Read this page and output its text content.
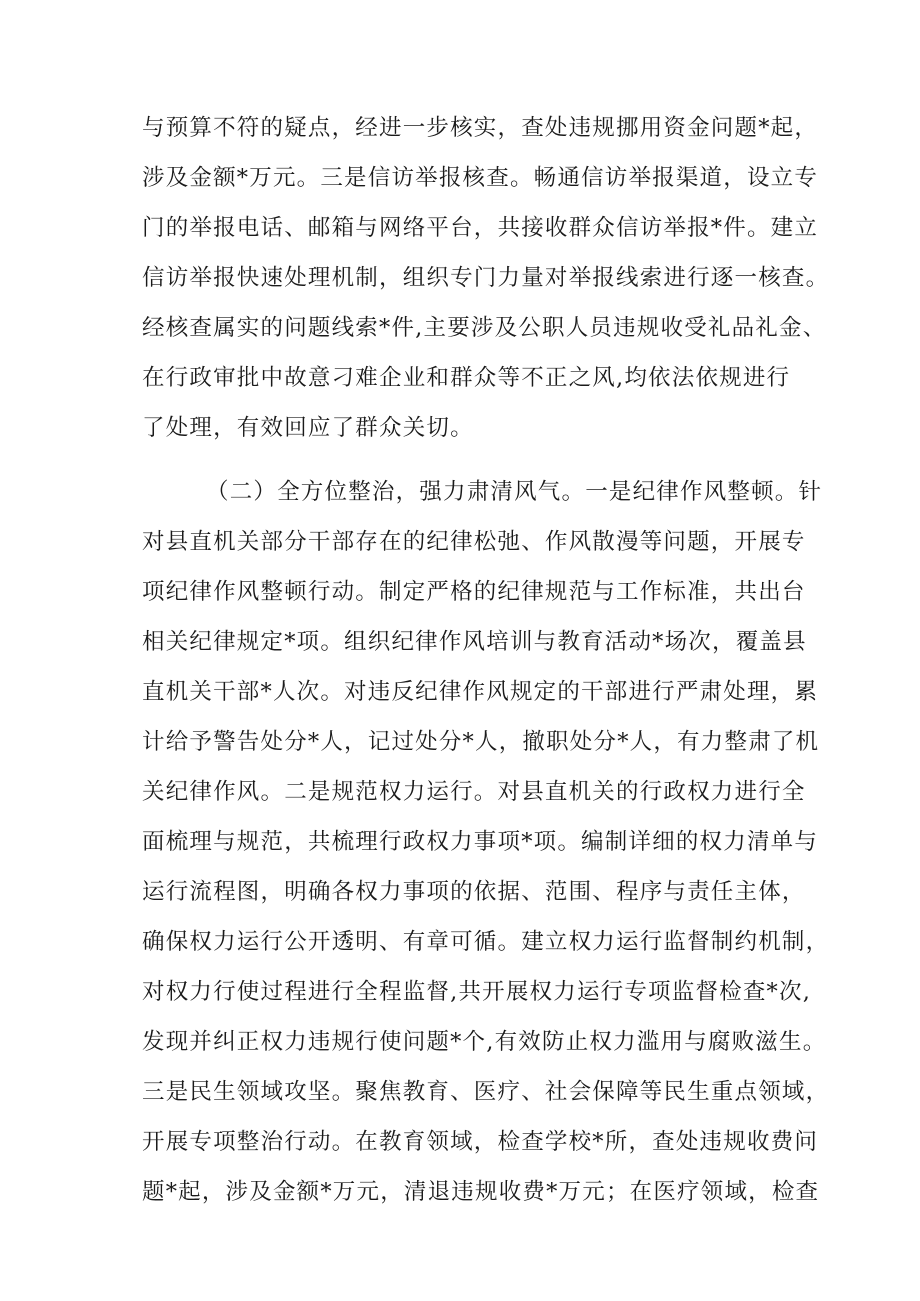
与预算不符的疑点，经进一步核实，查处违规挪用资金问题*起，
涉及金额*万元。三是信访举报核查。畅通信访举报渠道，设立专
门的举报电话、邮箱与网络平台，共接收群众信访举报*件。建立
信访举报快速处理机制，组织专门力量对举报线索进行逐一核查。
经核查属实的问题线索*件,主要涉及公职人员违规收受礼品礼金、
在行政审批中故意刁难企业和群众等不正之风,均依法依规进行
了处理，有效回应了群众关切。
（二）全方位整治，强力肃清风气。一是纪律作风整顿。针
对县直机关部分干部存在的纪律松弛、作风散漫等问题，开展专
项纪律作风整顿行动。制定严格的纪律规范与工作标准，共出台
相关纪律规定*项。组织纪律作风培训与教育活动*场次，覆盖县
直机关干部*人次。对违反纪律作风规定的干部进行严肃处理，累
计给予警告处分*人，记过处分*人，撤职处分*人，有力整肃了机
关纪律作风。二是规范权力运行。对县直机关的行政权力进行全
面梳理与规范，共梳理行政权力事项*项。编制详细的权力清单与
运行流程图，明确各权力事项的依据、范围、程序与责任主体，
确保权力运行公开透明、有章可循。建立权力运行监督制约机制，
对权力行使过程进行全程监督,共开展权力运行专项监督检查*次,
发现并纠正权力违规行使问题*个,有效防止权力滥用与腐败滋生。
三是民生领域攻坚。聚焦教育、医疗、社会保障等民生重点领域，
开展专项整治行动。在教育领域，检查学校*所，查处违规收费问
题*起，涉及金额*万元，清退违规收费*万元；在医疗领域，检查
